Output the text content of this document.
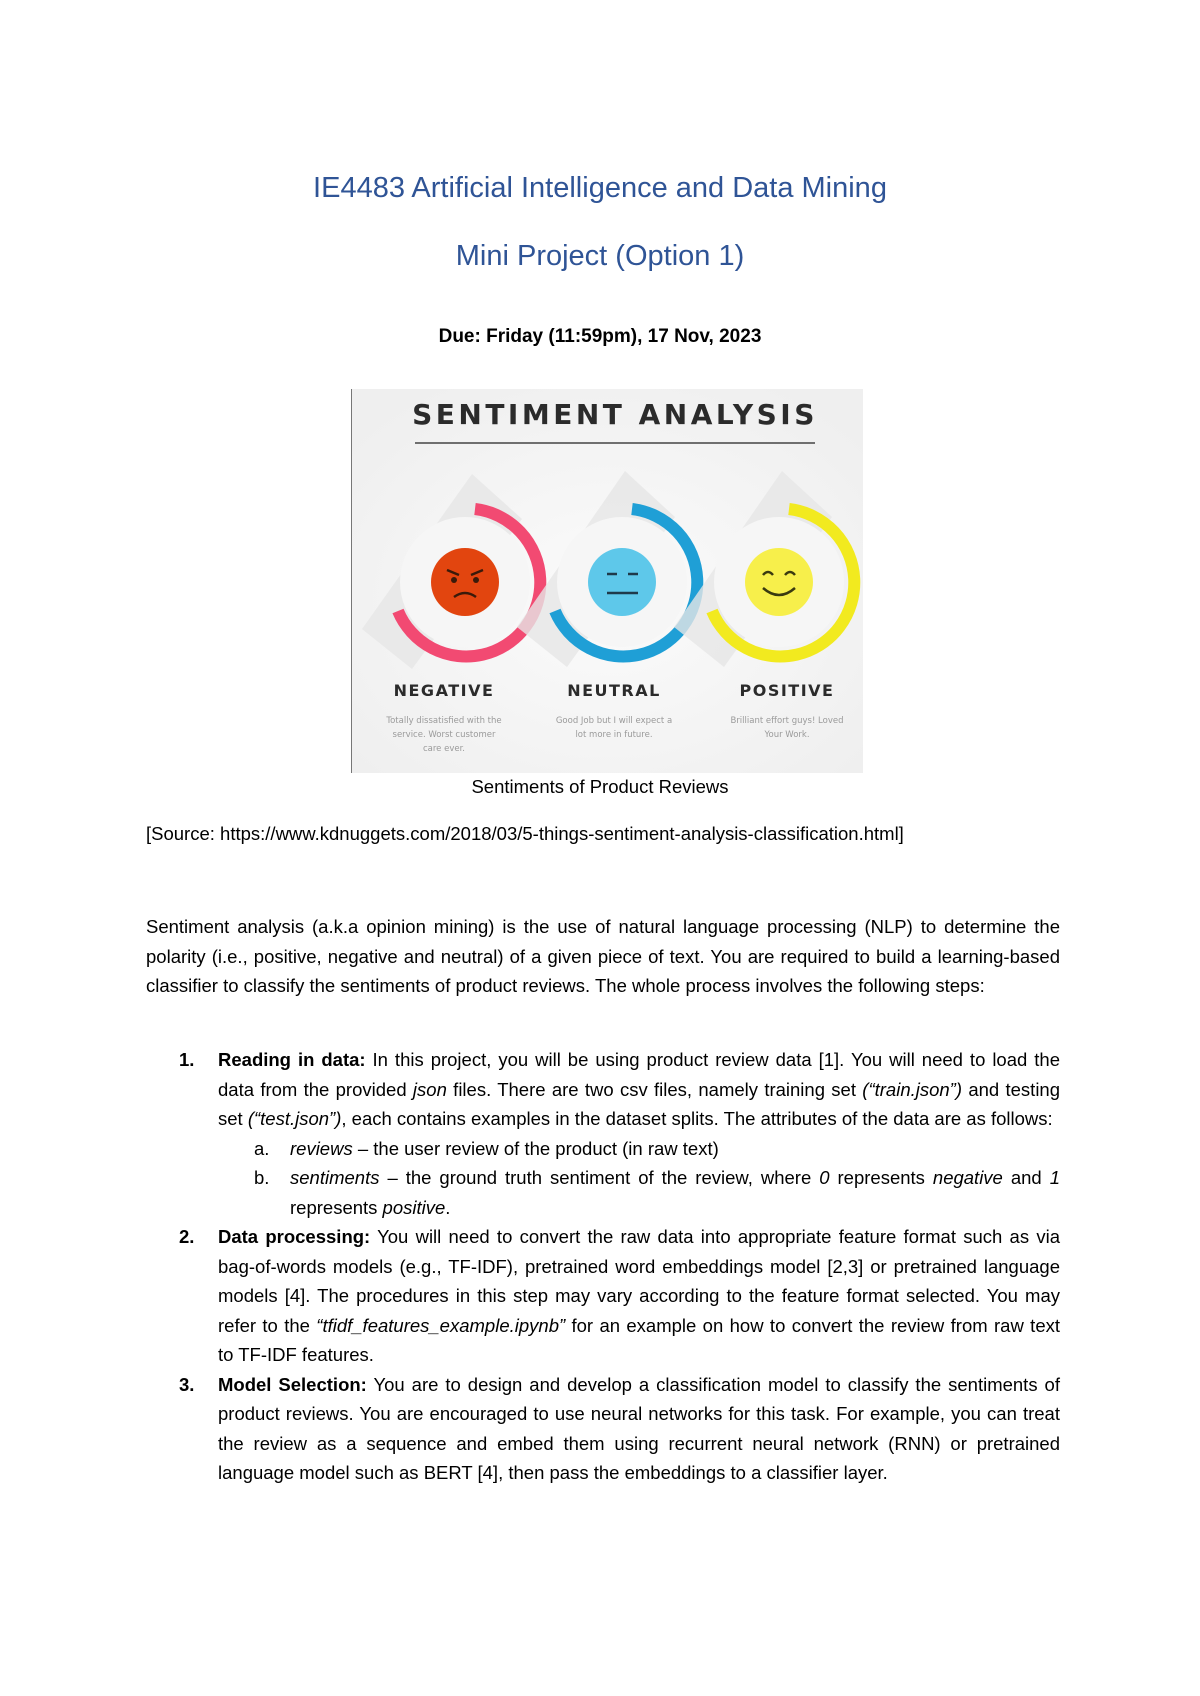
IE4483 Artificial Intelligence and Data Mining
Mini Project (Option 1)
Due: Friday (11:59pm), 17 Nov, 2023
SENTIMENT ANALYSIS
NEGATIVE
Totally dissatisfied with the
service. Worst customer
care ever.
NEUTRAL
Good Job but I will expect a
lot more in future.
POSITIVE
Brilliant effort guys! Loved
Your Work.
Sentiments of Product Reviews
[Source: https://www.kdnuggets.com/2018/03/5-things-sentiment-analysis-classification.html]

Sentiment analysis (a.k.a opinion mining) is the use of natural language processing (NLP) to determine the polarity (i.e., positive, negative and neutral) of a given piece of text. You are required to build a learning-based classifier to classify the sentiments of product reviews. The whole process involves the following steps:

1. Reading in data: In this project, you will be using product review data [1]. You will need to load the data from the provided json files. There are two csv files, namely training set (“train.json”) and testing set (“test.json”), each contains examples in the dataset splits. The attributes of the data are as follows:
a. reviews – the user review of the product (in raw text)
b. sentiments – the ground truth sentiment of the review, where 0 represents negative and 1 represents positive.
2. Data processing: You will need to convert the raw data into appropriate feature format such as via bag-of-words models (e.g., TF-IDF), pretrained word embeddings model [2,3] or pretrained language models [4]. The procedures in this step may vary according to the feature format selected. You may refer to the “tfidf_features_example.ipynb” for an example on how to convert the review from raw text to TF-IDF features.
3. Model Selection: You are to design and develop a classification model to classify the sentiments of product reviews. You are encouraged to use neural networks for this task. For example, you can treat the review as a sequence and embed them using recurrent neural network (RNN) or pretrained language model such as BERT [4], then pass the embeddings to a classifier layer.
